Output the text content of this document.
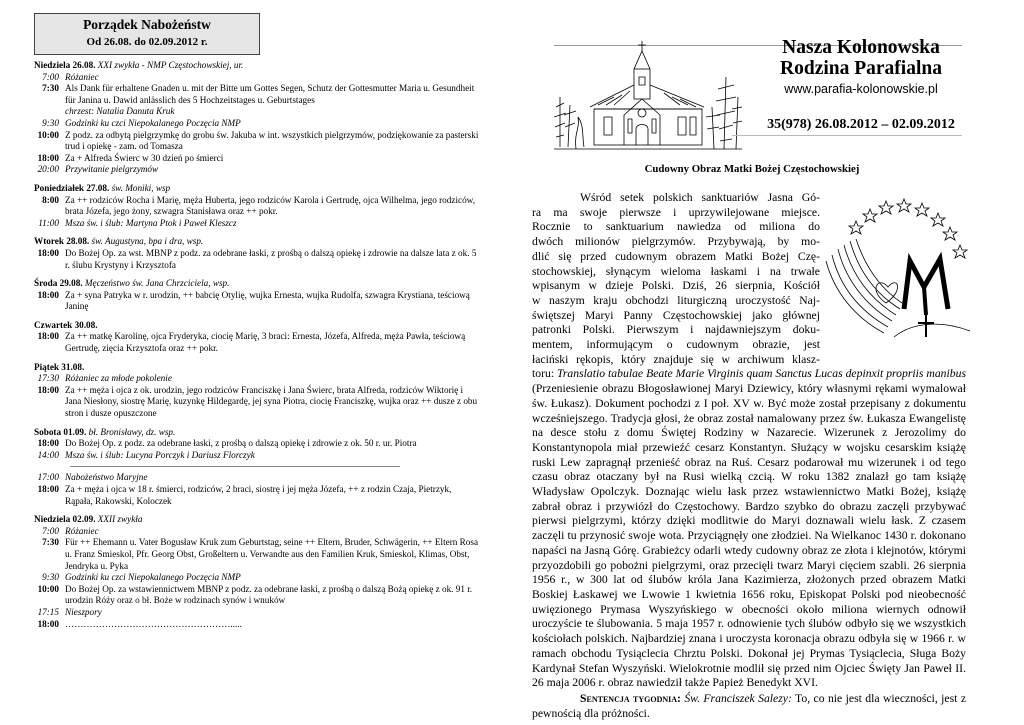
Porządek Nabożeństw
Od 26.08. do 02.09.2012 r.
Niedziela 26.08. XXI zwykła - NMP Częstochowskiej, ur.
7:00 Różaniec
7:30 Als Dank für erhaltene Gnaden u. mit der Bitte um Gottes Segen, Schutz der Gottesmutter Maria u. Gesundheit für Janina u. Dawid anlässlich des 5 Hochzeitstages u. Geburtstages
chrzest: Natalia Danuta Kruk
9:30 Godzinki ku czci Niepokalanego Poczęcia NMP
10:00 Z podz. za odbytą pielgrzymkę do grobu św. Jakuba w int. wszystkich pielgrzymów, podziękowanie za pasterski trud i opiekę - zam. od Tomasza
18:00 Za + Alfreda Świerc w 30 dzień po śmierci
20:00 Przywitanie pielgrzymów
Poniedziałek 27.08. św. Moniki, wsp
8:00 Za ++ rodziców Rocha i Marię, męża Huberta, jego rodziców Karola i Gertrudę, ojca Wilhelma, jego rodziców, brata Józefa, jego żony, szwagra Stanisława oraz ++ pokr.
11:00 Msza św. i ślub: Martyna Ptok i Paweł Kleszcz
Wtorek 28.08. św. Augustyna, bpa i dra, wsp.
18:00 Do Bożej Op. za wst. MBNP z podz. za odebrane łaski, z prośbą o dalszą opiekę i zdrowie na dalsze lata z ok. 5 r. ślubu Krystyny i Krzysztofa
Środa 29.08. Męczeństwo św. Jana Chrzciciela, wsp.
18:00 Za + syna Patryka w r. urodzin, ++ babcię Otylię, wujka Ernesta, wujka Rudolfa, szwagra Krystiana, teściową Janinę
Czwartek 30.08.
18:00 Za ++ matkę Karolinę, ojca Fryderyka, ciocię Marię, 3 braci: Ernesta, Józefa, Alfreda, męża Pawła, teściową Gertrudę, zięcia Krzysztofa oraz ++ pokr.
Piątek 31.08.
17:30 Różaniec za młode pokolenie
18:00 Za ++ męża i ojca z ok. urodzin, jego rodziców Franciszkę i Jana Świerc, brata Alfreda, rodziców Wiktorię i Jana Niesłony, siostrę Marię, kuzynkę Hildegardę, jej syna Piotra, ciocię Franciszkę, wujka oraz ++ dusze z obu stron i dusze opuszczone
Sobota 01.09. bł. Bronisławy, dz. wsp.
18:00 Do Bożej Op. z podz. za odebrane łaski, z prośbą o dalszą opiekę i zdrowie z ok. 50 r. ur. Piotra
14:00 Msza św. i ślub: Lucyna Porczyk i Dariusz Florczyk
17:00 Nabożeństwo Maryjne
18:00 Za + męża i ojca w 18 r. śmierci, rodziców, 2 braci, siostrę i jej męża Józefa, ++ z rodzin Czaja, Pietrzyk, Rąpała, Rakowski, Koloczek
Niedziela 02.09. XXII zwykła
7:00 Różaniec
7:30 Für ++ Ehemann u. Vater Bogusław Kruk zum Geburtstag, seine ++ Eltern, Bruder, Schwägerin, ++ Eltern Rosa u. Franz Smieskol, Pfr. Georg Obst, Großeltern u. Verwandte aus den Familien Kruk, Smieskol, Klimas, Obst, Jendryka u. Pyka
9:30 Godzinki ku czci Niepokalanego Poczęcia NMP
10:00 Do Bożej Op. za wstawiennictwem MBNP z podz. za odebrane łaski, z prośbą o dalszą Bożą opiekę z ok. 91 r. urodzin Róży oraz o bł. Boże w rodzinach synów i wnuków
17:15 Nieszpory
18:00 ……………………………………………….....
Nasza Kolonowska
Rodzina Parafialna
www.parafia-kolonowskie.pl
35(978) 26.08.2012 – 02.09.2012
Cudowny Obraz Matki Bożej Częstochowskiej

Wśród setek polskich sanktuariów Jasna Gó-
ra ma swoje pierwsze i uprzywilejowane miejsce.
Rocznie to sanktuarium nawiedza od miliona do
dwóch milionów pielgrzymów. Przybywają, by mo-
dlić się przed cudownym obrazem Matki Bożej Czę-
stochowskiej, słynącym wieloma łaskami i na trwałe
wpisanym w dzieje Polski. Dziś, 26 sierpnia, Kościół
w naszym kraju obchodzi liturgiczną uroczystość Naj-
świętszej Maryi Panny Częstochowskiej jako głównej
patronki Polski. Pierwszym i najdawniejszym doku-
mentem, informującym o cudownym obrazie, jest
łaciński rękopis, który znajduje się w archiwum klasz-

toru: Translatio tabulae Beate Marie Virginis quam Sanctus Lucas depinxit propriis manibus (Przeniesienie obrazu Błogosławionej Maryi Dziewicy, który własnymi rękami wymalował św. Łukasz). Dokument pochodzi z I poł. XV w. Być może został przepisany z dokumentu wcześniejszego. Tradycja głosi, że obraz został namalowany przez św. Łukasza Ewangelistę na desce stołu z domu Świętej Rodziny w Nazarecie. Wizerunek z Jerozolimy do Konstantynopola miał przewieźć cesarz Konstantyn. Służący w wojsku cesarskim książę ruski Lew zapragnął przenieść obraz na Ruś. Cesarz podarował mu wizerunek i od tego czasu obraz otaczany był na Rusi wielką czcią. W roku 1382 znalazł go tam książę Władysław Opolczyk. Doznając wielu łask przez wstawiennictwo Matki Bożej, książę zabrał obraz i przywiózł do Częstochowy. Bardzo szybko do obrazu zaczęli przybywać pierwsi pielgrzymi, którzy dzięki modlitwie do Maryi doznawali wielu łask. Z czasem zaczęli tu przynosić swoje wota. Przyciągnęły one złodziei. Na Wielkanoc 1430 r. dokonano napaści na Jasną Górę. Grabieżcy odarli wtedy cudowny obraz ze złota i klejnotów, którymi przyozdobili go pobożni pielgrzymi, oraz przecięli twarz Maryi cięciem szabli. 26 sierpnia 1956 r., w 300 lat od ślubów króla Jana Kazimierza, złożonych przed obrazem Matki Boskiej Łaskawej we Lwowie 1 kwietnia 1656 roku, Episkopat Polski pod nieobecność uwięzionego Prymasa Wyszyńskiego w obecności około miliona wiernych odnowił uroczyście te ślubowania. 5 maja 1957 r. odnowienie tych ślubów odbyło się we wszystkich kościołach polskich. Najbardziej znana i uroczysta koronacja obrazu odbyła się w 1966 r. w ramach obchodu Tysiąclecia Chrztu Polski. Dokonał jej Prymas Tysiąclecia, Sługa Boży Kardynał Stefan Wyszyński. Wielokrotnie modlił się przed nim Ojciec Święty Jan Paweł II. 26 maja 2006 r. obraz nawiedził także Papież Benedykt XVI.
Sentencja tygodnia: Św. Franciszek Salezy: To, co nie jest dla wieczności, jest z pewnością dla próżności.
